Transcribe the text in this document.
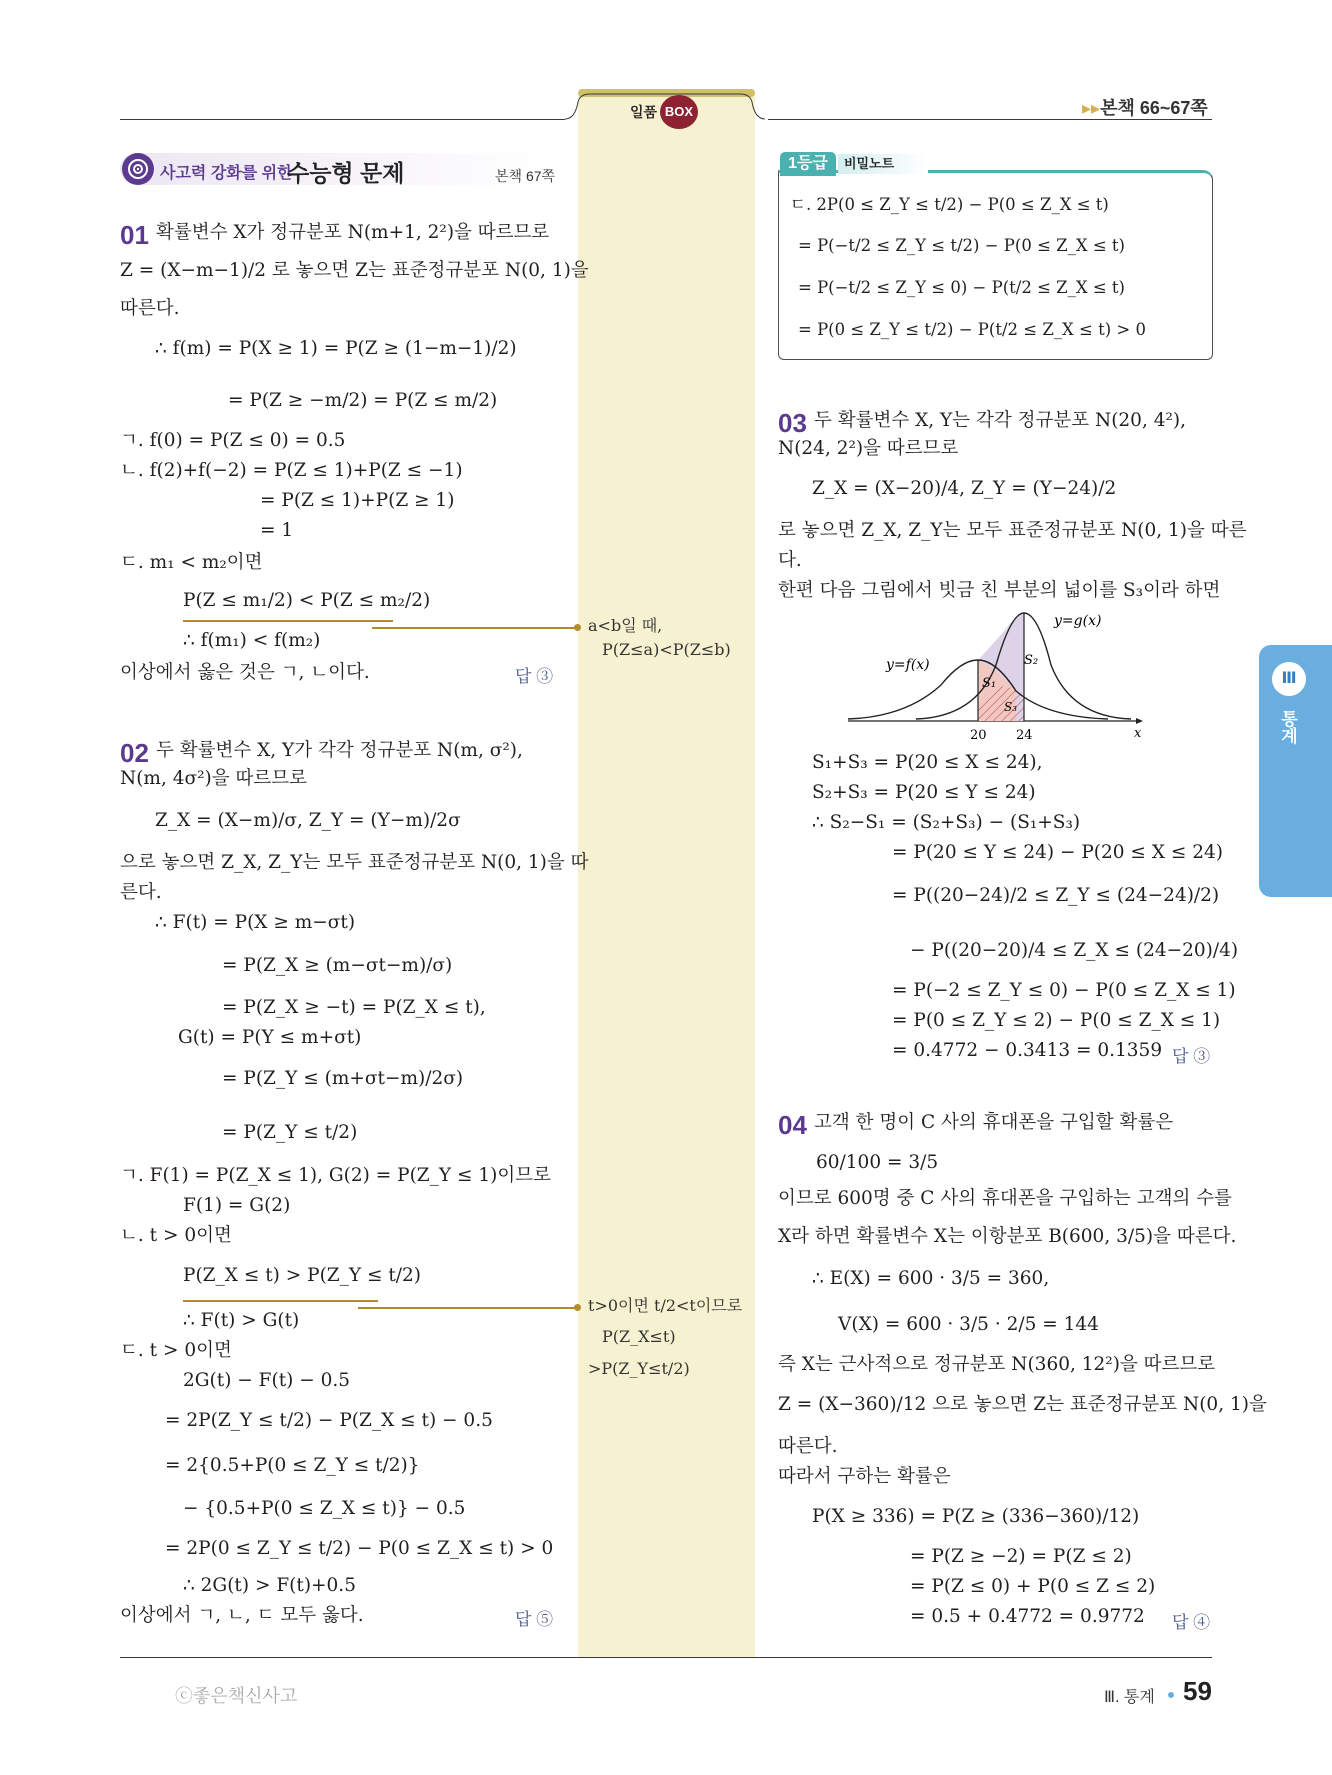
일품 BOX	▸▸본책 66~67쪽
사고력 강화를 위한
수능형 문제	본책 67쪽
01 확률변수 X가 정규분포 N(m+1, 2²)을 따르므로
Z = (X−m−1)/2 로 놓으면 Z는 표준정규분포 N(0, 1)을
따른다.
∴ f(m) = P(X ≥ 1) = P(Z ≥ (1−m−1)/2)
= P(Z ≥ −m/2) = P(Z ≤ m/2)
ㄱ. f(0) = P(Z ≤ 0) = 0.5
ㄴ. f(2)+f(−2) = P(Z ≤ 1)+P(Z ≤ −1)
= P(Z ≤ 1)+P(Z ≥ 1)
= 1
ㄷ. m₁ < m₂이면
P(Z ≤ m₁/2) < P(Z ≤ m₂/2)
∴ f(m₁) < f(m₂)
이상에서 옳은 것은 ㄱ, ㄴ이다.	답 ③
a<b일 때,
P(Z≤a)<P(Z≤b)
02 두 확률변수 X, Y가 각각 정규분포 N(m, σ²),
N(m, 4σ²)을 따르므로
Z_X = (X−m)/σ, Z_Y = (Y−m)/2σ
으로 놓으면 Z_X, Z_Y는 모두 표준정규분포 N(0, 1)을 따
른다.
∴ F(t) = P(X ≥ m−σt)
= P(Z_X ≥ (m−σt−m)/σ)
= P(Z_X ≥ −t) = P(Z_X ≤ t),
G(t) = P(Y ≤ m+σt)
= P(Z_Y ≤ (m+σt−m)/2σ)
= P(Z_Y ≤ t/2)
ㄱ. F(1) = P(Z_X ≤ 1), G(2) = P(Z_Y ≤ 1)이므로
F(1) = G(2)
ㄴ. t > 0이면
P(Z_X ≤ t) > P(Z_Y ≤ t/2)
∴ F(t) > G(t)
ㄷ. t > 0이면
2G(t) − F(t) − 0.5
= 2P(Z_Y ≤ t/2) − P(Z_X ≤ t) − 0.5
= 2{0.5+P(0 ≤ Z_Y ≤ t/2)}
− {0.5+P(0 ≤ Z_X ≤ t)} − 0.5
= 2P(0 ≤ Z_Y ≤ t/2) − P(0 ≤ Z_X ≤ t) > 0
∴ 2G(t) > F(t)+0.5
이상에서 ㄱ, ㄴ, ㄷ 모두 옳다.	답 ⑤
t>0이면 t/2<t이므로
P(Z_X≤t)
>P(Z_Y≤t/2)
1등급	비밀노트
ㄷ. 2P(0 ≤ Z_Y ≤ t/2) − P(0 ≤ Z_X ≤ t)
= P(−t/2 ≤ Z_Y ≤ t/2) − P(0 ≤ Z_X ≤ t)
= P(−t/2 ≤ Z_Y ≤ 0) − P(t/2 ≤ Z_X ≤ t)
= P(0 ≤ Z_Y ≤ t/2) − P(t/2 ≤ Z_X ≤ t) > 0
03 두 확률변수 X, Y는 각각 정규분포 N(20, 4²),
N(24, 2²)을 따르므로
Z_X = (X−20)/4, Z_Y = (Y−24)/2
로 놓으면 Z_X, Z_Y는 모두 표준정규분포 N(0, 1)을 따른
다.
한편 다음 그림에서 빗금 친 부분의 넓이를 S₃이라 하면
y=g(x)
y=f(x)
S₁
S₂
S₃
20 24	x
S₁+S₃ = P(20 ≤ X ≤ 24),
S₂+S₃ = P(20 ≤ Y ≤ 24)
∴ S₂−S₁ = (S₂+S₃) − (S₁+S₃)
= P(20 ≤ Y ≤ 24) − P(20 ≤ X ≤ 24)
= P((20−24)/2 ≤ Z_Y ≤ (24−24)/2)
− P((20−20)/4 ≤ Z_X ≤ (24−20)/4)
= P(−2 ≤ Z_Y ≤ 0) − P(0 ≤ Z_X ≤ 1)
= P(0 ≤ Z_Y ≤ 2) − P(0 ≤ Z_X ≤ 1)
= 0.4772 − 0.3413 = 0.1359 답 ③
04 고객 한 명이 C 사의 휴대폰을 구입할 확률은
60/100 = 3/5
이므로 600명 중 C 사의 휴대폰을 구입하는 고객의 수를
X라 하면 확률변수 X는 이항분포 B(600, 3/5)을 따른다.
∴ E(X) = 600 · 3/5 = 360,
V(X) = 600 · 3/5 · 2/5 = 144
즉 X는 근사적으로 정규분포 N(360, 12²)을 따르므로
Z = (X−360)/12 으로 놓으면 Z는 표준정규분포 N(0, 1)을
따른다.
따라서 구하는 확률은
P(X ≥ 336) = P(Z ≥ (336−360)/12)
= P(Z ≥ −2) = P(Z ≤ 2)
= P(Z ≤ 0) + P(0 ≤ Z ≤ 2)
= 0.5 + 0.4772 = 0.9772 답 ④
Ⅲ
통계
ⓒ좋은책신사고	Ⅲ. 통계 59
